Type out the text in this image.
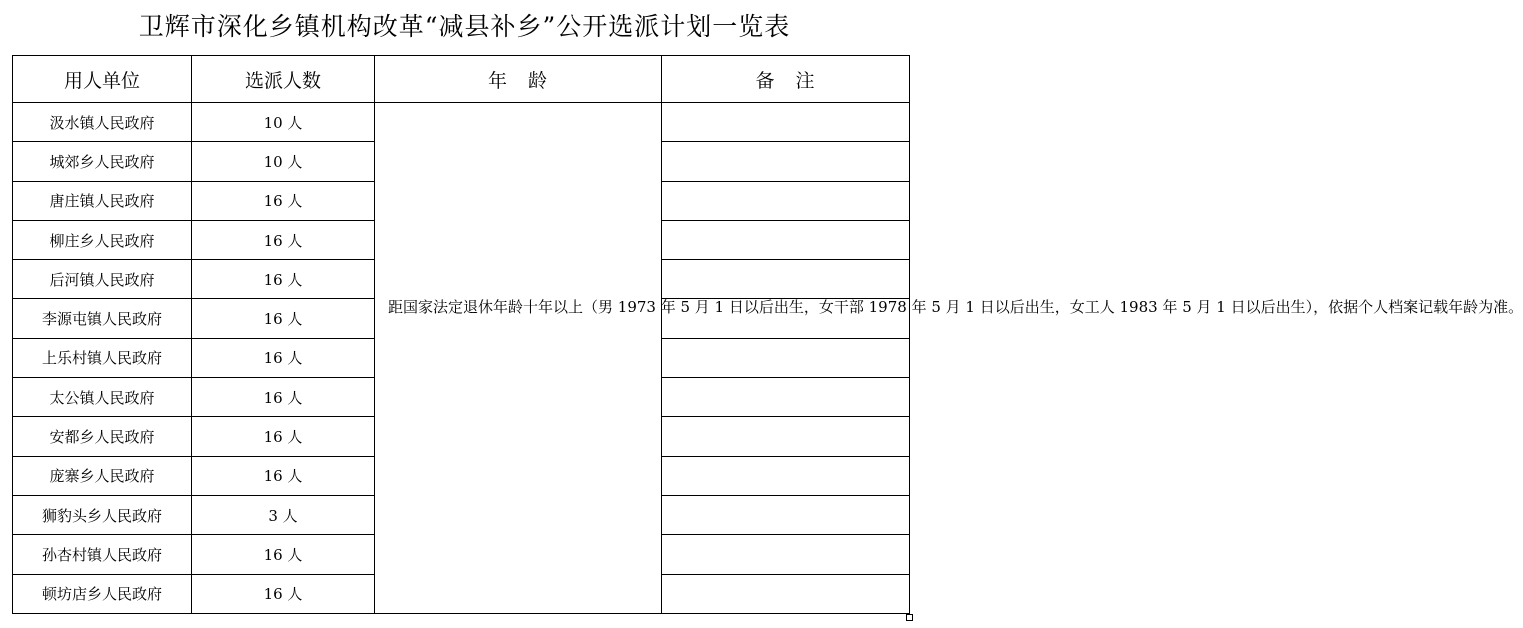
卫辉市深化乡镇机构改革“减县补乡”公开选派计划一览表
用人单位	选派人数	年　龄	备　注
汲水镇人民政府	10 人	距国家法定退休年龄十年以上（男 1973 年 5 月 1 日以后出生，女干部 1978 年 5 月 1 日以后出生，女工人 1983 年 5 月 1 日以后出生），依据个人档案记载年龄为准。	

城郊乡人民政府	10 人		
唐庄镇人民政府	16 人		
柳庄乡人民政府	16 人		
后河镇人民政府	16 人		
李源屯镇人民政府	16 人		
上乐村镇人民政府	16 人		
太公镇人民政府	16 人		
安都乡人民政府	16 人		
庞寨乡人民政府	16 人		
狮豹头乡人民政府	3 人		
孙杏村镇人民政府	16 人		
顿坊店乡人民政府	16 人		
